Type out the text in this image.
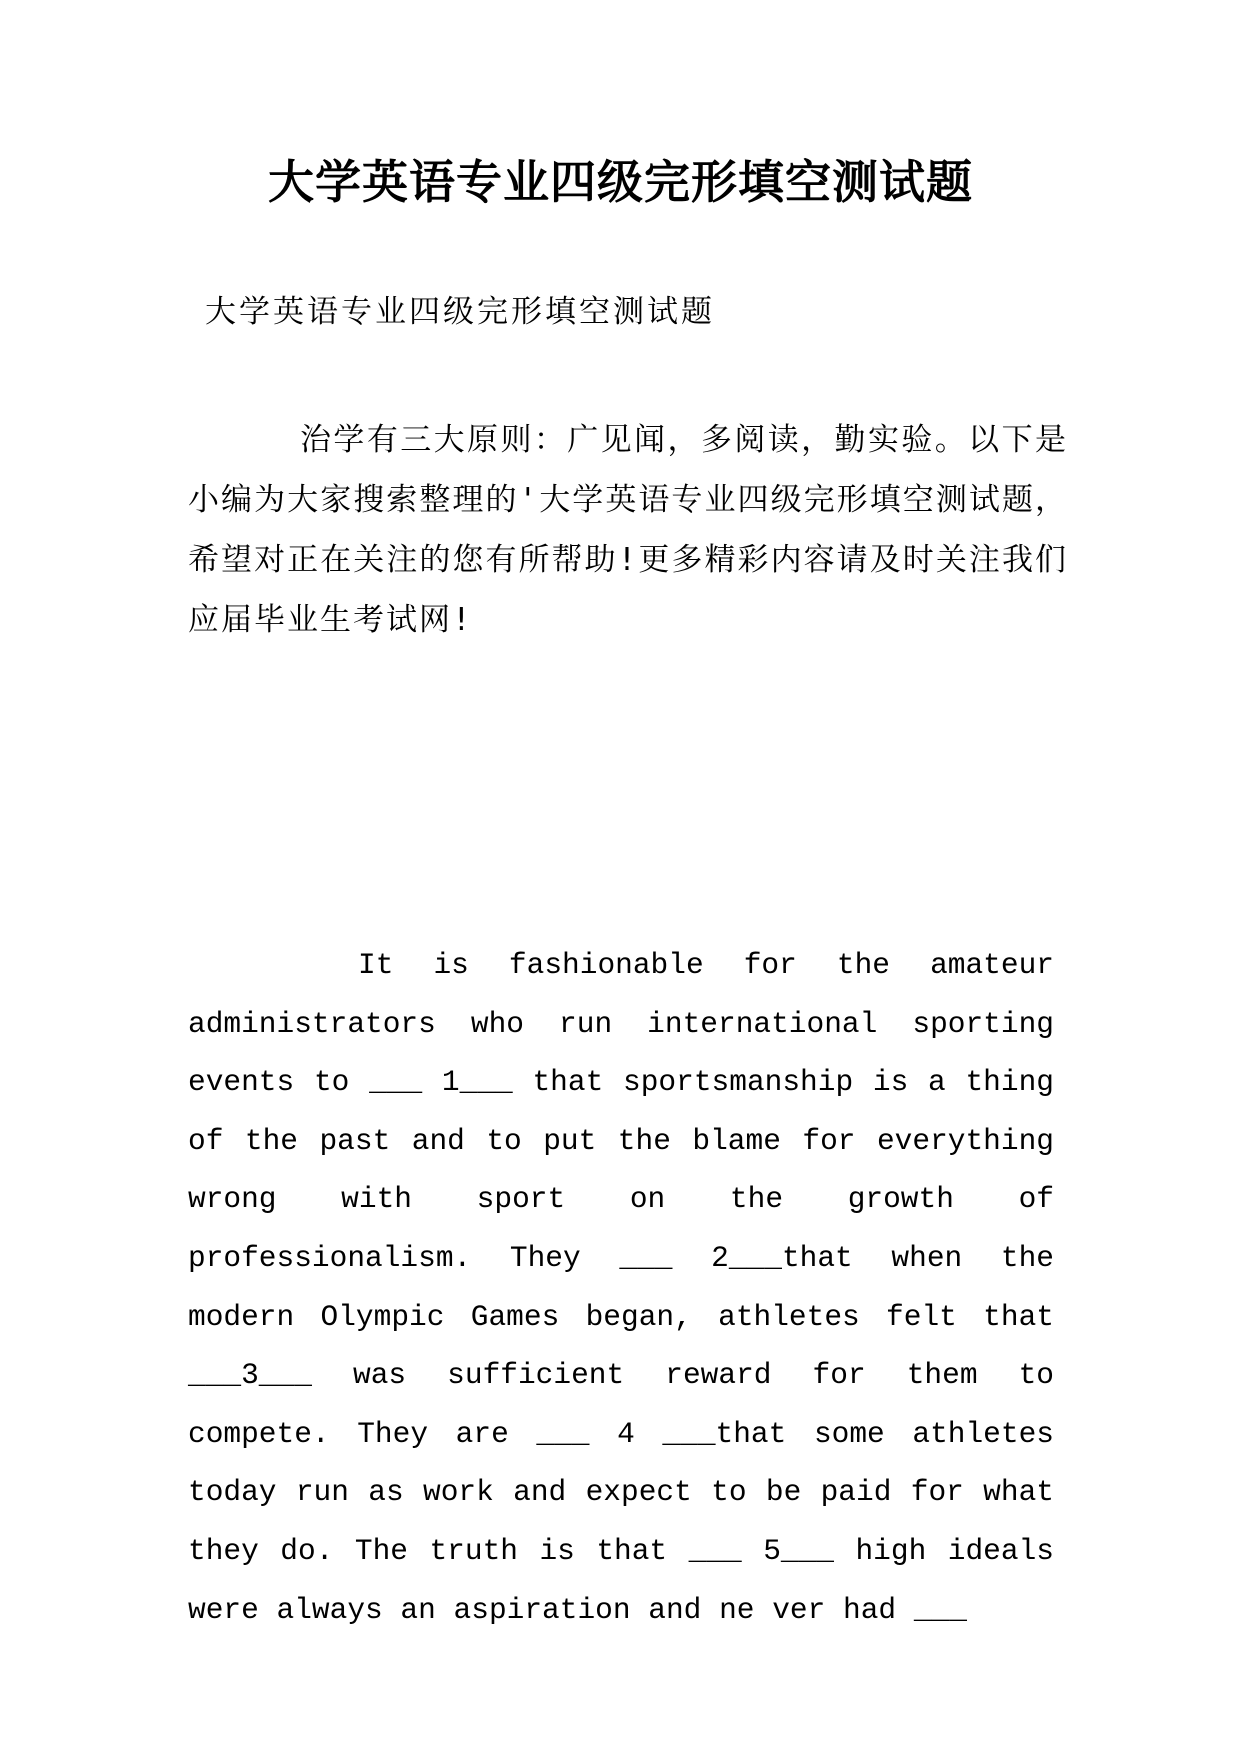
大学英语专业四级完形填空测试题
大学英语专业四级完形填空测试题
治学有三大原则：广见闻，多阅读，勤实验。以下是小编为大家搜索整理的'大学英语专业四级完形填空测试题，希望对正在关注的您有所帮助!更多精彩内容请及时关注我们应届毕业生考试网!
It is fashionable for the amateur administrators who run international sporting events to ___ 1___ that sportsmanship is a thing of the past and to put the blame for everything wrong with sport on the growth of professionalism. They ___ 2___that when the modern Olympic Games began, athletes felt that ___3___ was sufficient reward for them to compete. They are ___ 4 ___that some athletes today run as work and expect to be paid for what they do. The truth is that ___ 5___ high ideals were always an aspiration and ne ver had ___
